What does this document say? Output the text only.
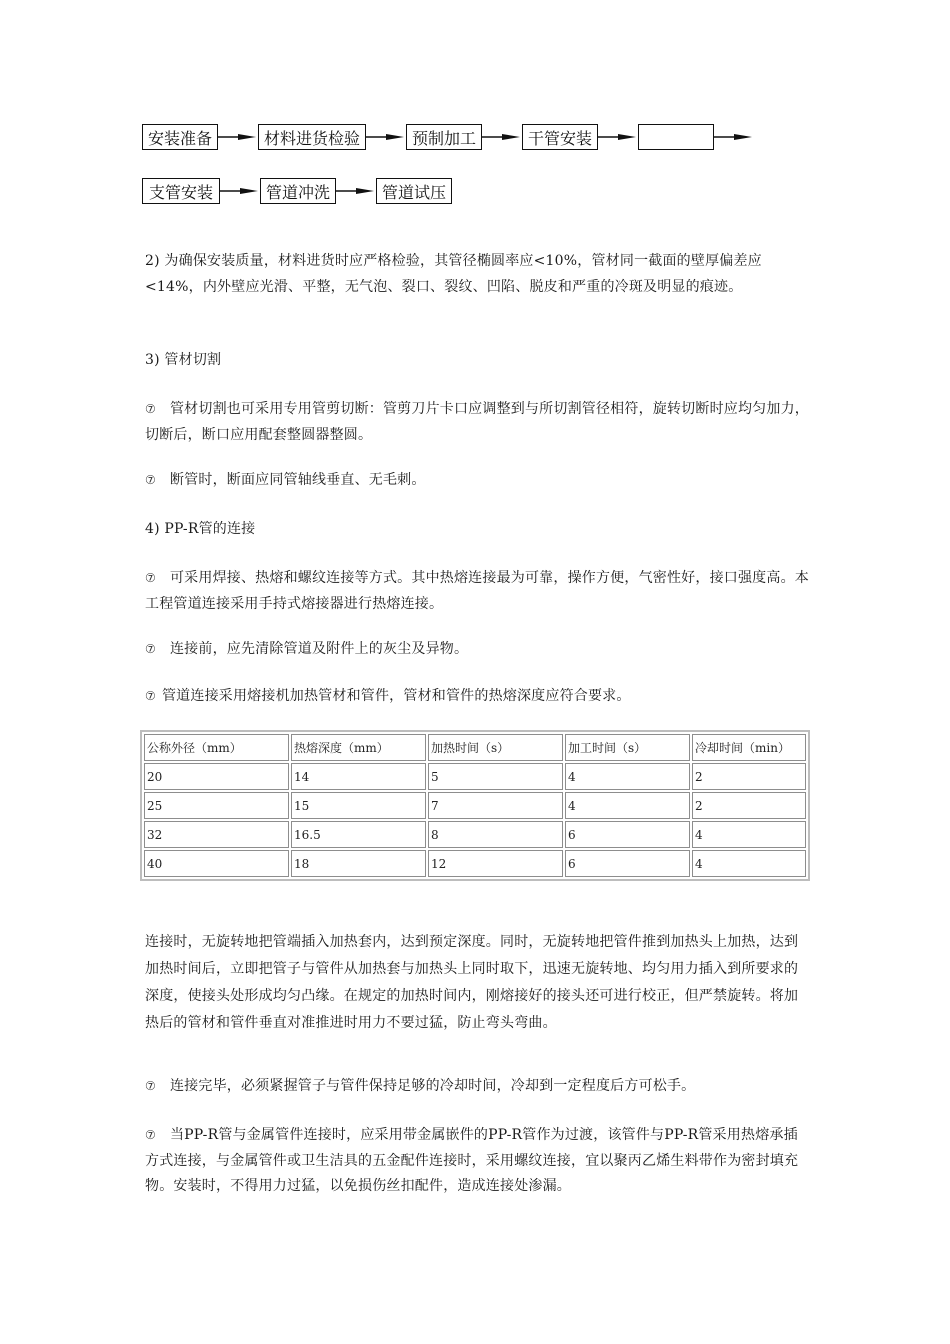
安装准备	材料进货检验	预制加工	干管安装
支管安装	管道冲洗	管道试压

2) 为确保安装质量，材料进货时应严格检验，其管径椭圆率应<10%，管材同一截面的壁厚偏差应<14%，内外壁应光滑、平整，无气泡、裂口、裂纹、凹陷、脱皮和严重的冷斑及明显的痕迹。

3) 管材切割

⑦ 管材切割也可采用专用管剪切断：管剪刀片卡口应调整到与所切割管径相符，旋转切断时应均匀加力，切断后，断口应用配套整圆器整圆。

⑦ 断管时，断面应同管轴线垂直、无毛刺。

4) PP-R管的连接

⑦ 可采用焊接、热熔和螺纹连接等方式。其中热熔连接最为可靠，操作方便，气密性好，接口强度高。本工程管道连接采用手持式熔接器进行热熔连接。

⑦ 连接前，应先清除管道及附件上的灰尘及异物。

⑦ 管道连接采用熔接机加热管材和管件，管材和管件的热熔深度应符合要求。

公称外径（mm）	热熔深度（mm）	加热时间（s）	加工时间（s）	冷却时间（min）
20	14	5	4	2
25	15	7	4	2
32	16.5	8	6	4
40	18	12	6	4

连接时，无旋转地把管端插入加热套内，达到预定深度。同时，无旋转地把管件推到加热头上加热，达到加热时间后，立即把管子与管件从加热套与加热头上同时取下，迅速无旋转地、均匀用力插入到所要求的深度，使接头处形成均匀凸缘。在规定的加热时间内，刚熔接好的接头还可进行校正，但严禁旋转。将加热后的管材和管件垂直对准推进时用力不要过猛，防止弯头弯曲。

⑦ 连接完毕，必须紧握管子与管件保持足够的冷却时间，冷却到一定程度后方可松手。

⑦ 当PP-R管与金属管件连接时，应采用带金属嵌件的PP-R管作为过渡，该管件与PP-R管采用热熔承插方式连接，与金属管件或卫生洁具的五金配件连接时，采用螺纹连接，宜以聚丙乙烯生料带作为密封填充物。安装时，不得用力过猛，以免损伤丝扣配件，造成连接处渗漏。
